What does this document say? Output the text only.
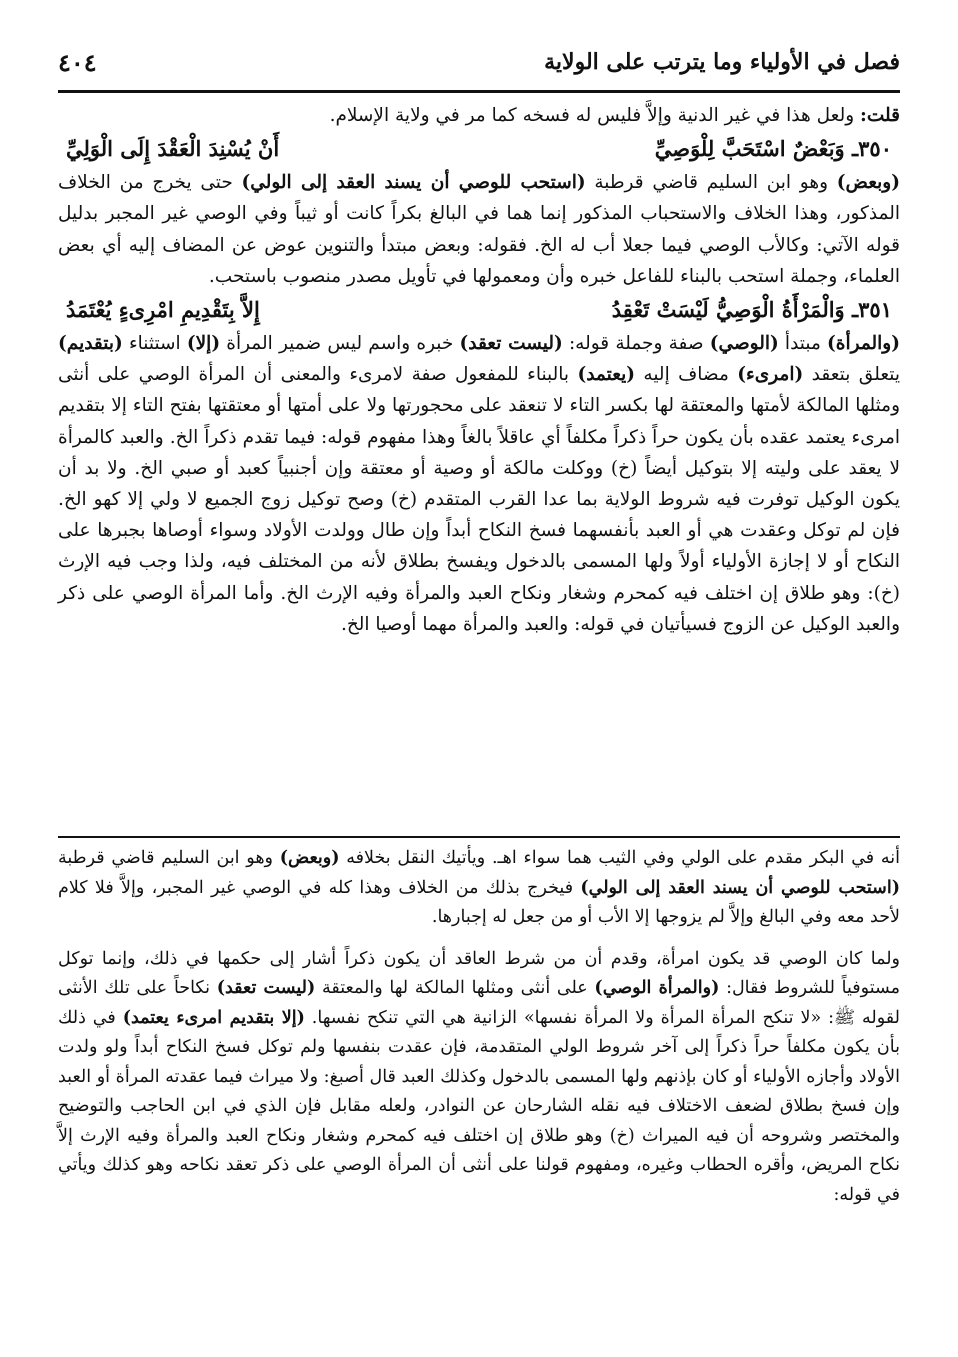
فصل في الأولياء وما يترتب على الولاية
٤٠٤

قلت: ولعل هذا في غير الدنية وإلاَّ فليس له فسخه كما مر في ولاية الإسلام.

٣٥٠ـ وَبَعْضٌ اسْتَحَبَّ لِلْوَصِيِّ
أَنْ يُسْنِدَ الْعَقْدَ إِلَى الْوَلِيِّ

(وبعض) وهو ابن السليم قاضي قرطبة (استحب للوصي أن يسند العقد إلى الولي) حتى يخرج من الخلاف المذكور، وهذا الخلاف والاستحباب المذكور إنما هما في البالغ بكراً كانت أو ثيباً وفي الوصي غير المجبر بدليل قوله الآتي: وكالأب الوصي فيما جعلا أب له الخ. فقوله: وبعض مبتدأ والتنوين عوض عن المضاف إليه أي بعض العلماء، وجملة استحب بالبناء للفاعل خبره وأن ومعمولها في تأويل مصدر منصوب باستحب.

٣٥١ـ وَالْمَرْأَةُ الْوَصِيُّ لَيْسَتْ تَعْقِدُ
إِلاَّ بِتَقْدِيمِ امْرِىءٍ يُعْتَمَدُ

(والمرأة) مبتدأ (الوصي) صفة وجملة قوله: (ليست تعقد) خبره واسم ليس ضمير المرأة (إلا) استثناء (بتقديم) يتعلق بتعقد (امرىء) مضاف إليه (يعتمد) بالبناء للمفعول صفة لامرىء والمعنى أن المرأة الوصي على أنثى ومثلها المالكة لأمتها والمعتقة لها بكسر التاء لا تنعقد على محجورتها ولا على أمتها أو معتقتها بفتح التاء إلا بتقديم امرىء يعتمد عقده بأن يكون حراً ذكراً مكلفاً أي عاقلاً بالغاً وهذا مفهوم قوله: فيما تقدم ذكراً الخ. والعبد كالمرأة لا يعقد على وليته إلا بتوكيل أيضاً (خ) ووكلت مالكة أو وصية أو معتقة وإن أجنبياً كعبد أو صبي الخ. ولا بد أن يكون الوكيل توفرت فيه شروط الولاية بما عدا القرب المتقدم (خ) وصح توكيل زوج الجميع لا ولي إلا كهو الخ. فإن لم توكل وعقدت هي أو العبد بأنفسهما فسخ النكاح أبداً وإن طال وولدت الأولاد وسواء أوصاها بجبرها على النكاح أو لا إجازة الأولياء أولاً ولها المسمى بالدخول ويفسخ بطلاق لأنه من المختلف فيه، ولذا وجب فيه الإرث (خ): وهو طلاق إن اختلف فيه كمحرم وشغار ونكاح العبد والمرأة وفيه الإرث الخ. وأما المرأة الوصي على ذكر والعبد الوكيل عن الزوج فسيأتيان في قوله: والعبد والمرأة مهما أوصيا الخ.

أنه في البكر مقدم على الولي وفي الثيب هما سواء اهـ. ويأتيك النقل بخلافه (وبعض) وهو ابن السليم قاضي قرطبة (استحب للوصي أن يسند العقد إلى الولي) فيخرج بذلك من الخلاف وهذا كله في الوصي غير المجبر، وإلاَّ فلا كلام لأحد معه وفي البالغ وإلاَّ لم يزوجها إلا الأب أو من جعل له إجبارها.

ولما كان الوصي قد يكون امرأة، وقدم أن من شرط العاقد أن يكون ذكراً أشار إلى حكمها في ذلك، وإنما توكل مستوفياً للشروط فقال: (والمرأة الوصي) على أنثى ومثلها المالكة لها والمعتقة (ليست تعقد) نكاحاً على تلك الأنثى لقوله ﷺ: «لا تنكح المرأة المرأة ولا المرأة نفسها» الزانية هي التي تنكح نفسها. (إلا بتقديم امرىء يعتمد) في ذلك بأن يكون مكلفاً حراً ذكراً إلى آخر شروط الولي المتقدمة، فإن عقدت بنفسها ولم توكل فسخ النكاح أبداً ولو ولدت الأولاد وأجازه الأولياء أو كان بإذنهم ولها المسمى بالدخول وكذلك العبد قال أصبغ: ولا ميراث فيما عقدته المرأة أو العبد وإن فسخ بطلاق لضعف الاختلاف فيه نقله الشارحان عن النوادر، ولعله مقابل فإن الذي في ابن الحاجب والتوضيح والمختصر وشروحه أن فيه الميراث (خ) وهو طلاق إن اختلف فيه كمحرم وشغار ونكاح العبد والمرأة وفيه الإرث إلاَّ نكاح المريض، وأقره الحطاب وغيره، ومفهوم قولنا على أنثى أن المرأة الوصي على ذكر تعقد نكاحه وهو كذلك ويأتي في قوله:
